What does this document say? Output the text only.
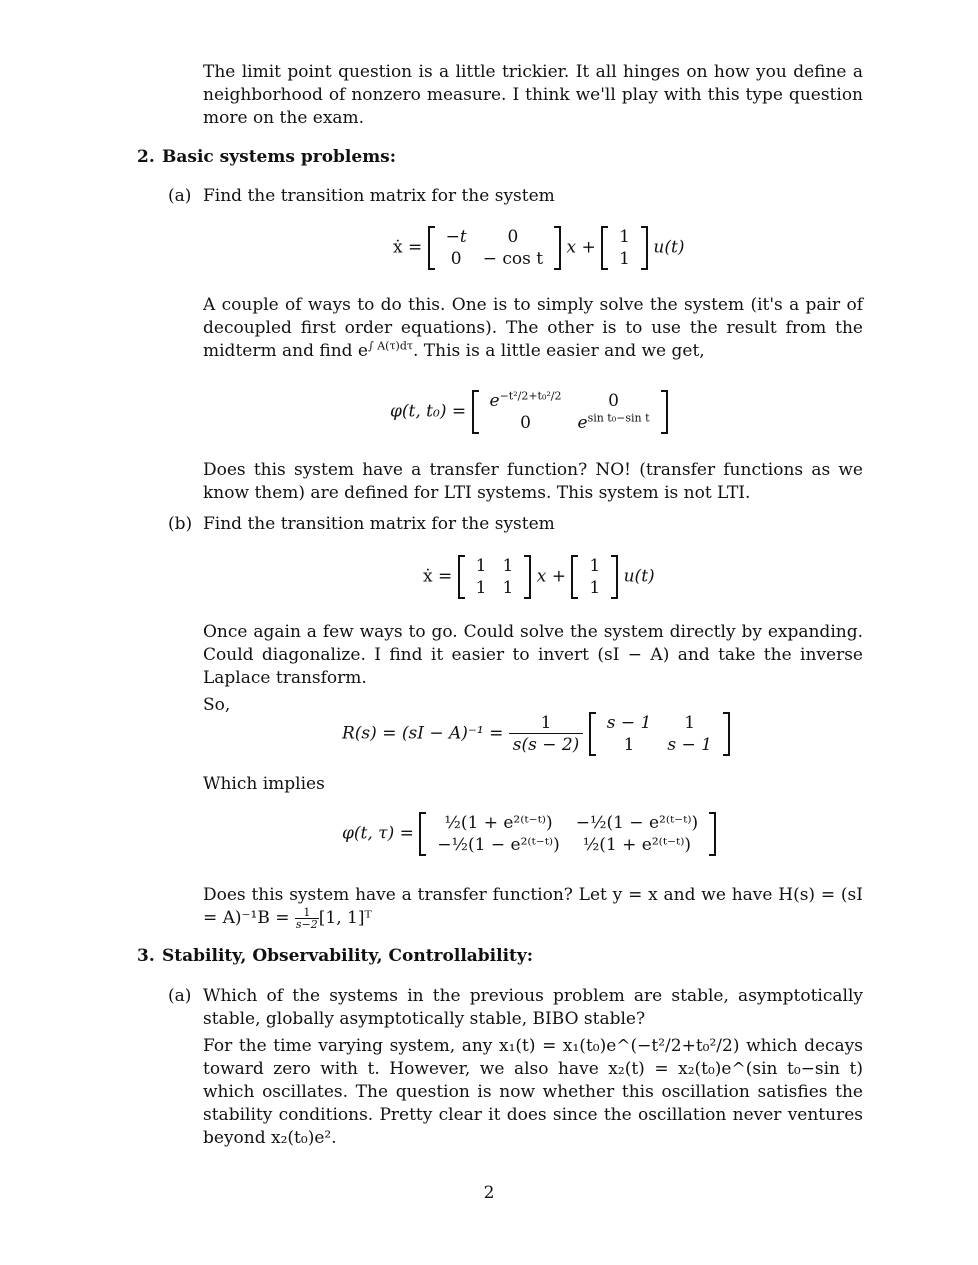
The limit point question is a little trickier. It all hinges on how you define a neighborhood of nonzero measure. I think we'll play with this type question more on the exam.
2. Basic systems problems:
(a) Find the transition matrix for the system
ẋ =
−t	0
0	− cos t
x +
1
1
u(t)
A couple of ways to do this. One is to simply solve the system (it's a pair of decoupled first order equations). The other is to use the result from the midterm and find $e^{\int A(\tau)d\tau}$. This is a little easier and we get,
φ(t, t₀) =
$e^{-t^2/2+t_0^2/2}$	0
0	$e^{sin t_0-sin t}$
Does this system have a transfer function? NO! (transfer functions as we know them) are defined for LTI systems. This system is not LTI.
(b) Find the transition matrix for the system
ẋ =
1	1
1	1
x +
1
1
u(t)
Once again a few ways to go. Could solve the system directly by expanding. Could diagonalize. I find it easier to invert (sI − A) and take the inverse Laplace transform.
So,
$R(s) = (sI - A)^{-1} = \frac{1}{s(s - 2)}$
s − 1	1
1	s − 1
Which implies
φ(t, τ) =
½(1 + e²⁽ᵗ⁻ᵗ⁾)	−½(1 − e²⁽ᵗ⁻ᵗ⁾)
−½(1 − e²⁽ᵗ⁻ᵗ⁾)	½(1 + e²⁽ᵗ⁻ᵗ⁾)
Does this system have a transfer function? Let y = x and we have $H(s) = (sI = A)^{-1}B = \frac{1}{s-2} [1$, 1]ᵀ
3. Stability, Observability, Controllability:
(a) Which of the systems in the previous problem are stable, asymptotically stable, globally asymptotically stable, BIBO stable?
For the time varying system, any x₁(t) = x₁(t₀)e^(−t²/2+t₀²/2) which decays toward zero with t. However, we also have x₂(t) = x₂(t₀)e^(sin t₀−sin t) which oscillates. The question is now whether this oscillation satisfies the stability conditions. Pretty clear it does since the oscillation never ventures beyond x₂(t₀)e².
2
